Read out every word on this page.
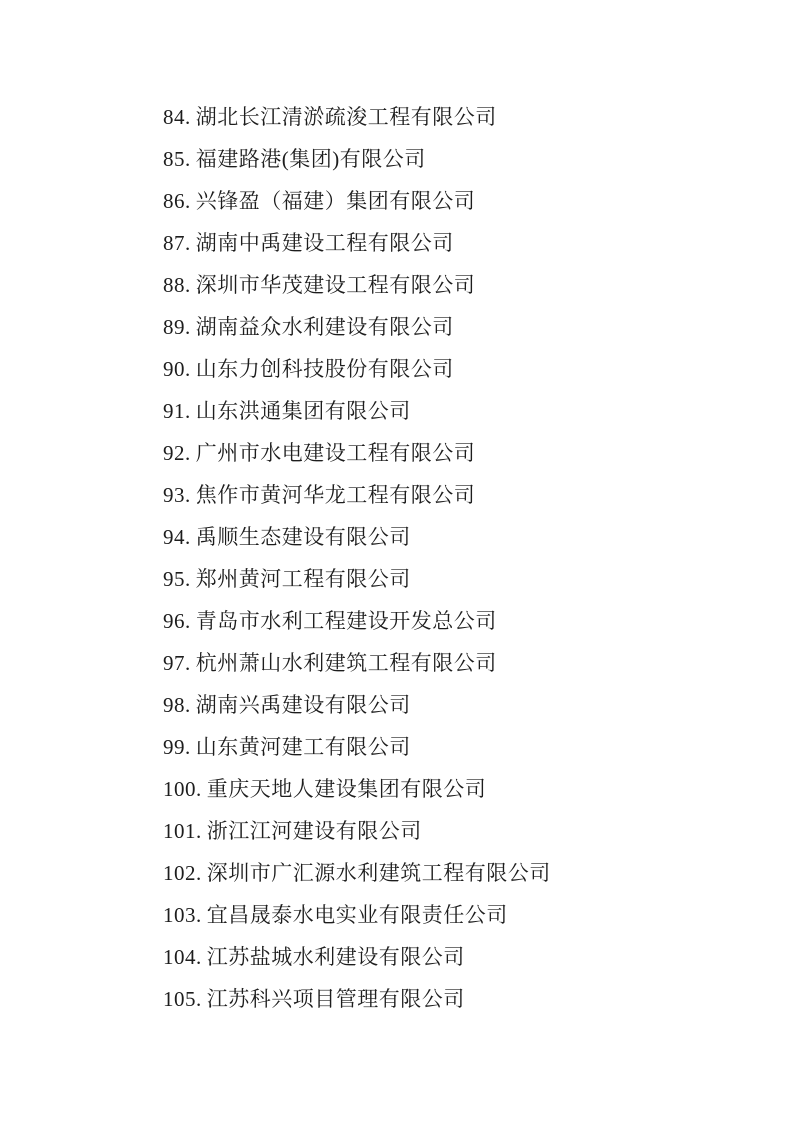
84. 湖北长江清淤疏浚工程有限公司
85. 福建路港(集团)有限公司
86. 兴锋盈（福建）集团有限公司
87. 湖南中禹建设工程有限公司
88. 深圳市华茂建设工程有限公司
89. 湖南益众水利建设有限公司
90. 山东力创科技股份有限公司
91. 山东洪通集团有限公司
92. 广州市水电建设工程有限公司
93. 焦作市黄河华龙工程有限公司
94. 禹顺生态建设有限公司
95. 郑州黄河工程有限公司
96. 青岛市水利工程建设开发总公司
97. 杭州萧山水利建筑工程有限公司
98. 湖南兴禹建设有限公司
99. 山东黄河建工有限公司
100. 重庆天地人建设集团有限公司
101. 浙江江河建设有限公司
102. 深圳市广汇源水利建筑工程有限公司
103. 宜昌晟泰水电实业有限责任公司
104. 江苏盐城水利建设有限公司
105. 江苏科兴项目管理有限公司
